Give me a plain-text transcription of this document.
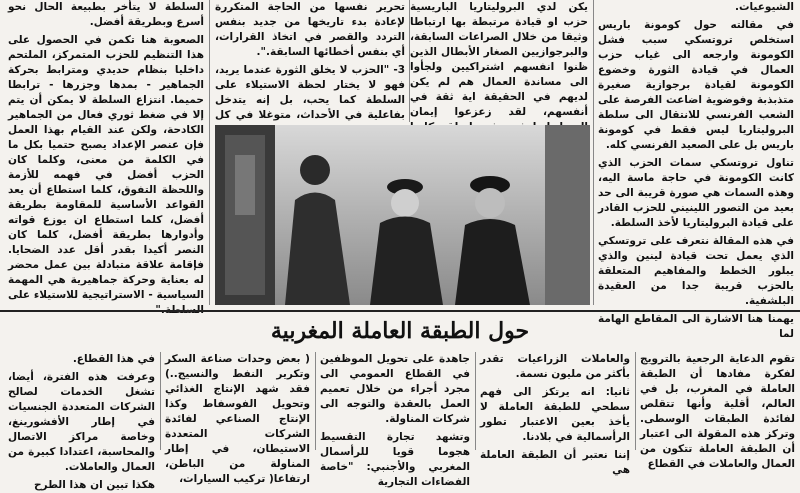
الشيوعيات.

في مقالته حول كومونة باريس استخلص تروتسكي سبب فشل الكومونة وارجعه الى غياب حزب العمال في قيادة الثورة وخضوع الكومونة لقيادة برجوازية صغيرة متذبذبة وفوضوية اضاعت الفرصة على الشعب الفرنسي للانتقال الى سلطة البروليتاريا ليس فقط في كومونة باريس بل على الصعيد الفرنسي كله.

تناول تروتسكي سمات الحزب الذي كانت الكومونة في حاجة ماسة اليه، وهذه السمات هي صورة قريبة الى حد بعيد من التصور اللينيني للحزب القادر على قيادة البروليتاريا لأخذ السلطة.

في هذه المقالة نتعرف على تروتسكي الذي يعمل تحت قيادة لينين والذي يبلور الخطط والمفاهيم المتعلقة بالحزب قريبة جدا من العقيدة البلشفية.

يهمنا هنا الاشارة الى المقاطع الهامة لما

يكن لدي البروليتاريا الباريسية حزب او قيادة مرتبطة بها ارتباطا وثيقا من خلال الصراعات السابقة، والبرجوازيين الصغار الأبطال الذين ظنوا انفسهم اشتراكيين ولجأوا الى مساندة العمال هم لم يكن لديهم في الحقيقة اية ثقة في أنفسهم، لقد زعزعوا إيمان

تحرير نفسها من الحاجة المتكررة لإعادة بدء تاريخها من جديد بنفس التردد والقصر في اتخاذ القرارات، أي بنفس أخطائها السابقة.".

3- "الحزب لا يخلق الثورة عندما يريد، فهو لا يختار لحظة الاستيلاء على السلطة كما يحب، بل إنه يتدخل بفاعلية في الأحداث، متوغلا في كل

السلطة لا يتأخر بطبيعة الحال نحو أسرع وبطريقة أفضل.

الصعوبة هنا تكمن في الحصول على هذا التنظيم للحزب المتمركز، الملتحم داخليا بنظام حديدي ومترابط بحركة الجماهير - بمدها وجزرها - ترابطا حميما. انتزاع السلطة لا يمكن أن يتم إلا في ضغط ثوري فعال من الجماهير الكادحة، ولكن عند القيام بهذا العمل فإن عنصر الإعداد يصبح حتميا بكل ما في الكلمة من معنى، وكلما كان الحزب أفضل في فهمه للأزمة واللحظة التفوق، كلما استطاع أن يعد القواعد الأساسية للمقاومة بطريقة أفضل، كلما استطاع ان يوزع قواته وأدوارها بطريقة أفضل، كلما كان النصر أكيدا بقدر أقل عدد الضحايا. فإقامة علاقة متبادلة بين عمل محضر له بعناية وحركة جماهيرية هي المهمة السياسية - الاستراتيجية للاستيلاء على

حول الطبقة العاملة المغربية

تقوم الدعاية الرجعية بالترويج لفكرة مفادها أن الطبقة العاملة في المغرب، بل في العالم، أقلية وأنها تتقلص لفائدة الطبقات الوسطى. وتركز هذه المقولة الى اعتبار أن الطبقة العاملة تتكون من العمال والعاملات في القطاع

والعاملات الزراعيات تقدر بأكثر من مليون نسمة.

ثانيا: انه يرتكز الى فهم سطحي للطبقة العاملة لا يأخذ بعين الاعتبار تطور الرأسمالية في بلادنا.

إننا نعتبر أن الطبقة العاملة هي

جاهدة على تحويل الموظفين في القطاع العمومي الى مجرد أجراء من خلال تعميم العمل بالعقدة والتوجه الى شركات المناولة.

وتشهد تجارة التقسيط هجوما قويا للرأسمال المغربي والأجنبي: "خاصة الفضاءات التجارية

( بعض وحدات صناعة السكر وتكرير النفط والنسيج..) فقد شهد الإنتاج الغذائي وتحويل الفوسفاط وكذا الإنتاج الصناعي لفائدة الشركات المتعددة الاستيطان، في إطار المناولة من الباطن، ارتفاعا( تركيب السيارات،

في هذا القطاع.

وعرفت هذه الفترة، أيضا، تشغل الخدمات لصالح الشركات المتعددة الجنسيات في إطار الأفشورينغ، وخاصة مراكز الاتصال والمحاسبة، اعتدادا كبيرة من العمال والعاملات.

هكذا تبين ان هذا الطرح
